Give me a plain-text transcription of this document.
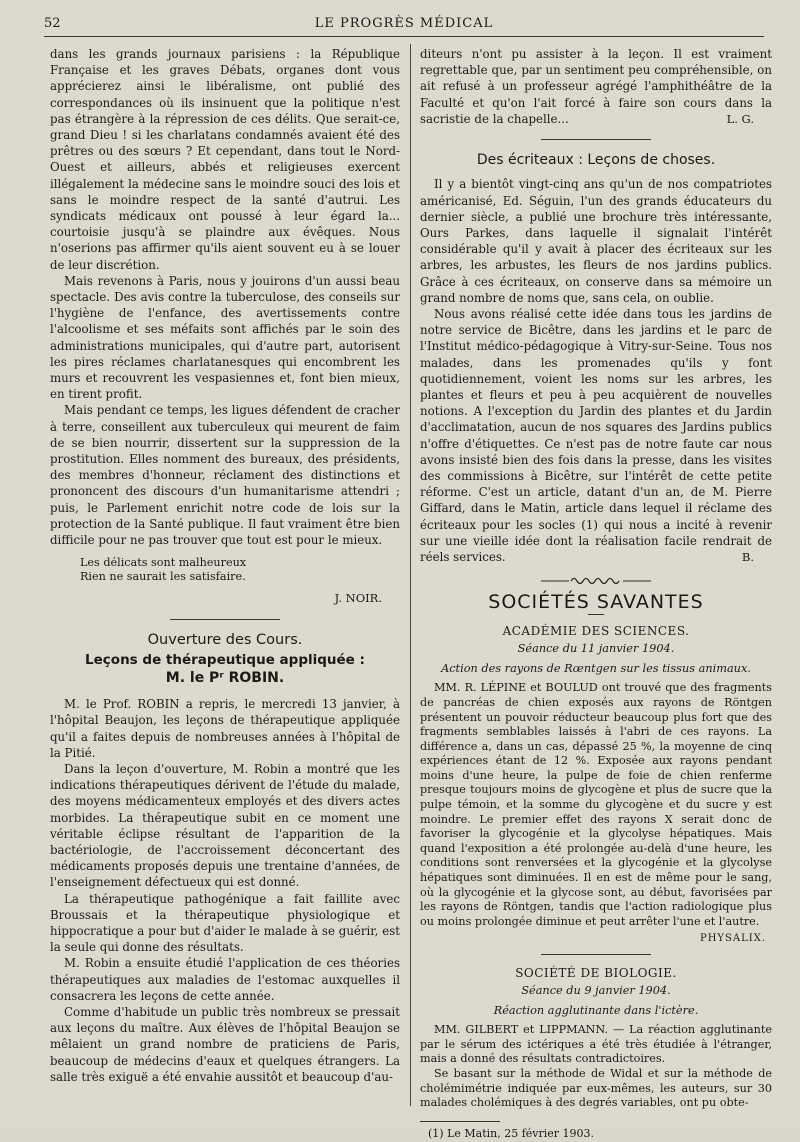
52	LE PROGRÈS MÉDICAL

dans les grands journaux parisiens : la République Française et les graves Débats, organes dont vous apprécierez ainsi le libéralisme, ont publié des correspondances où ils insinuent que la politique n'est pas étrangère à la répression de ces délits. Que serait-ce, grand Dieu ! si les charlatans condamnés avaient été des prêtres ou des sœurs ? Et cependant, dans tout le Nord-Ouest et ailleurs, abbés et religieuses exercent illégalement la médecine sans le moindre souci des lois et sans le moindre respect de la santé d'autrui. Les syndicats médicaux ont poussé à leur égard la... courtoisie jusqu'à se plaindre aux évêques. Nous n'oserions pas affirmer qu'ils aient souvent eu à se louer de leur discrétion.

Mais revenons à Paris, nous y jouirons d'un aussi beau spectacle. Des avis contre la tuberculose, des conseils sur l'hygiène de l'enfance, des avertissements contre l'alcoolisme et ses méfaits sont affichés par le soin des administrations municipales, qui d'autre part, autorisent les pires réclames charlatanesques qui encombrent les murs et recouvrent les vespasiennes et, font bien mieux, en tirent profit.

Mais pendant ce temps, les ligues défendent de cracher à terre, conseillent aux tuberculeux qui meurent de faim de se bien nourrir, dissertent sur la suppression de la prostitution. Elles nomment des bureaux, des présidents, des membres d'honneur, réclament des distinctions et prononcent des discours d'un humanitarisme attendri ; puis, le Parlement enrichit notre code de lois sur la protection de la Santé publique. Il faut vraiment être bien difficile pour ne pas trouver que tout est pour le mieux.

Les délicats sont malheureux
Rien ne saurait les satisfaire.
J. NOIR.
Ouverture des Cours.
Leçons de thérapeutique appliquée :
M. le Pʳ ROBIN.

M. le Prof. ROBIN a repris, le mercredi 13 janvier, à l'hôpital Beaujon, les leçons de thérapeutique appliquée qu'il a faites depuis de nombreuses années à l'hôpital de la Pitié.

Dans la leçon d'ouverture, M. Robin a montré que les indications thérapeutiques dérivent de l'étude du malade, des moyens médicamenteux employés et des divers actes morbides. La thérapeutique subit en ce moment une véritable éclipse résultant de l'apparition de la bactériologie, de l'accroissement déconcertant des médicaments proposés depuis une trentaine d'années, de l'enseignement défectueux qui est donné.

La thérapeutique pathogénique a fait faillite avec Broussais et la thérapeutique physiologique et hippocratique a pour but d'aider le malade à se guérir, est la seule qui donne des résultats.

M. Robin a ensuite étudié l'application de ces théories thérapeutiques aux maladies de l'estomac auxquelles il consacrera les leçons de cette année.

Comme d'habitude un public très nombreux se pressait aux leçons du maître. Aux élèves de l'hôpital Beaujon se mêlaient un grand nombre de praticiens de Paris, beaucoup de médecins d'eaux et quelques étrangers. La salle très exiguë a été envahie aussitôt et beaucoup d'au-

diteurs n'ont pu assister à la leçon. Il est vraiment regrettable que, par un sentiment peu compréhensible, on ait refusé à un professeur agrégé l'amphithéâtre de la Faculté et qu'on l'ait forcé à faire son cours dans la sacristie de la chapelle...	L. G.
Des écriteaux : Leçons de choses.

Il y a bientôt vingt-cinq ans qu'un de nos compatriotes américanisé, Ed. Séguin, l'un des grands éducateurs du dernier siècle, a publié une brochure très intéressante, Ours Parkes, dans laquelle il signalait l'intérêt considérable qu'il y avait à placer des écriteaux sur les arbres, les arbustes, les fleurs de nos jardins publics. Grâce à ces écriteaux, on conserve dans sa mémoire un grand nombre de noms que, sans cela, on oublie.

Nous avons réalisé cette idée dans tous les jardins de notre service de Bicêtre, dans les jardins et le parc de l'Institut médico-pédagogique à Vitry-sur-Seine. Tous nos malades, dans les promenades qu'ils y font quotidiennement, voient les noms sur les arbres, les plantes et fleurs et peu à peu acquièrent de nouvelles notions. A l'exception du Jardin des plantes et du Jardin d'acclimatation, aucun de nos squares des Jardins publics n'offre d'étiquettes. Ce n'est pas de notre faute car nous avons insisté bien des fois dans la presse, dans les visites des commissions à Bicêtre, sur l'intérêt de cette petite réforme. C'est un article, datant d'un an, de M. Pierre Giffard, dans le Matin, article dans lequel il réclame des écriteaux pour les socles (1) qui nous a incité à revenir sur une vieille idée dont la réalisation facile rendrait de réels services.	B.
SOCIÉTÉS SAVANTES
ACADÉMIE DES SCIENCES.
Séance du 11 janvier 1904.
Action des rayons de Rœntgen sur les tissus animaux.

MM. R. LÉPINE et BOULUD ont trouvé que des fragments de pancréas de chien exposés aux rayons de Röntgen présentent un pouvoir réducteur beaucoup plus fort que des fragments semblables laissés à l'abri de ces rayons. La différence a, dans un cas, dépassé 25 %, la moyenne de cinq expériences étant de 12 %. Exposée aux rayons pendant moins d'une heure, la pulpe de foie de chien renferme presque toujours moins de glycogène et plus de sucre que la pulpe témoin, et la somme du glycogène et du sucre y est moindre. Le premier effet des rayons X serait donc de favoriser la glycogénie et la glycolyse hépatiques. Mais quand l'exposition a été prolongée au-delà d'une heure, les conditions sont renversées et la glycogénie et la glycolyse hépatiques sont diminuées. Il en est de même pour le sang, où la glycogénie et la glycose sont, au début, favorisées par les rayons de Röntgen, tandis que l'action radiologique plus ou moins prolongée diminue et peut arrêter l'une et l'autre.

PHYSALIX.
SOCIÉTÉ DE BIOLOGIE.
Séance du 9 janvier 1904.
Réaction agglutinante dans l'ictère.

MM. GILBERT et LIPPMANN. — La réaction agglutinante par le sérum des ictériques a été très étudiée à l'étranger, mais a donné des résultats contradictoires.

Se basant sur la méthode de Widal et sur la méthode de cholémimétrie indiquée par eux-mêmes, les auteurs, sur 30 malades cholémiques à des degrés variables, ont pu obte-

(1) Le Matin, 25 février 1903.
